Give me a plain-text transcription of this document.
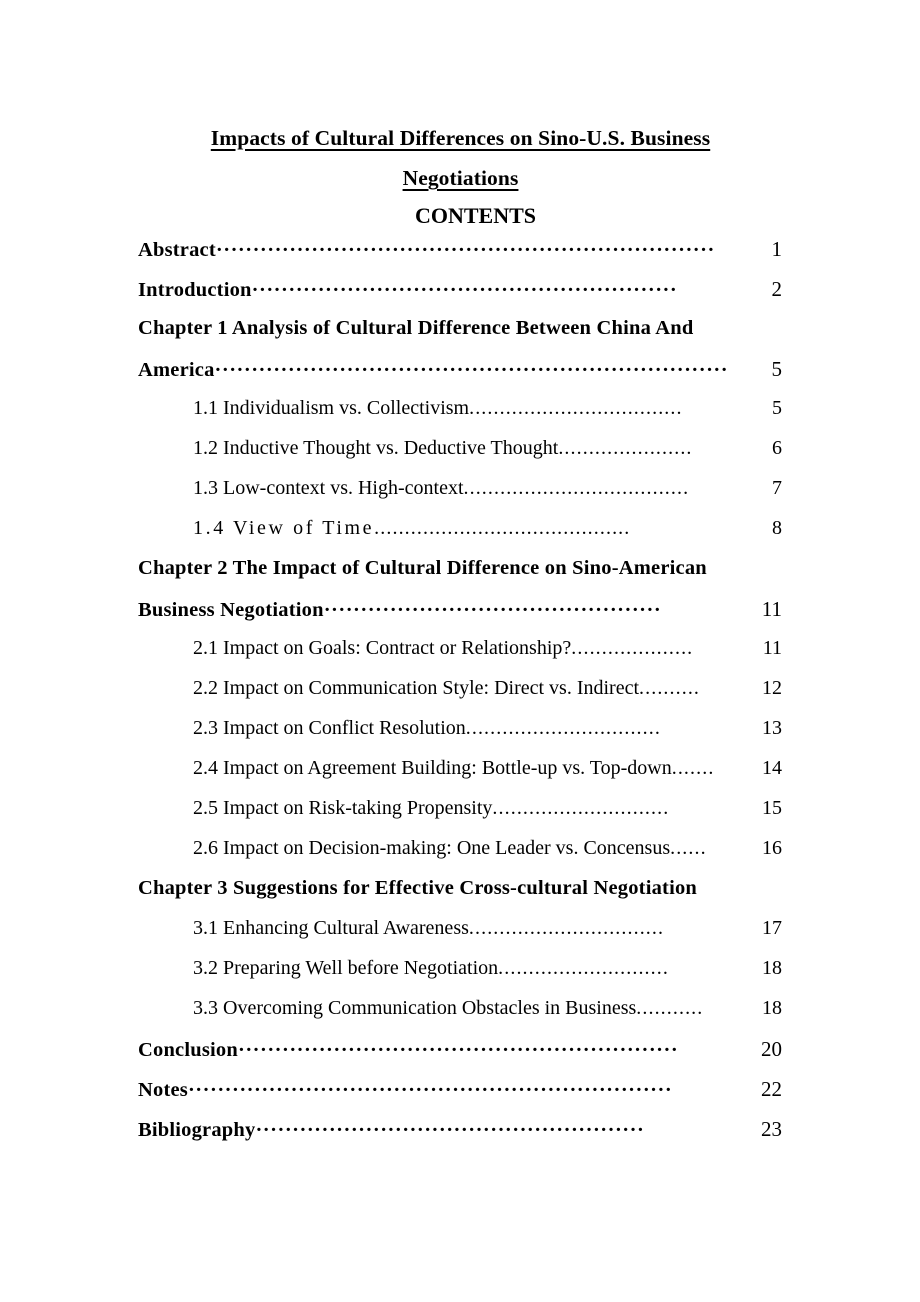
Impacts of Cultural Differences on Sino-U.S. Business
Negotiations
CONTENTS
Abstract ····································································	1
Introduction ··························································	2
Chapter 1 Analysis of Cultural Difference Between China And
America ······································································	5
1.1 Individualism vs. Collectivism ...................................	5
1.2 Inductive Thought vs. Deductive Thought ......................	6
1.3 Low-context vs. High-context .....................................	7
1.4 View of Time ..........................................	8
Chapter 2 The Impact of Cultural Difference on Sino-American
Business Negotiation ··············································	11
2.1 Impact on Goals: Contract or Relationship? ....................	11
2.2 Impact on Communication Style: Direct vs. Indirect ..........	12
2.3 Impact on Conflict Resolution ................................	13
2.4 Impact on Agreement Building: Bottle-up vs. Top-down .......	14
2.5 Impact on Risk-taking Propensity .............................	15
2.6 Impact on Decision-making: One Leader vs. Concensus ......	16
Chapter 3 Suggestions for Effective Cross-cultural Negotiation
3.1 Enhancing Cultural Awareness ................................	17
3.2 Preparing Well before Negotiation ............................	18
3.3 Overcoming Communication Obstacles in Business ...........	18
Conclusion ····························································	20
Notes ··································································	22
Bibliography ·····················································	23
